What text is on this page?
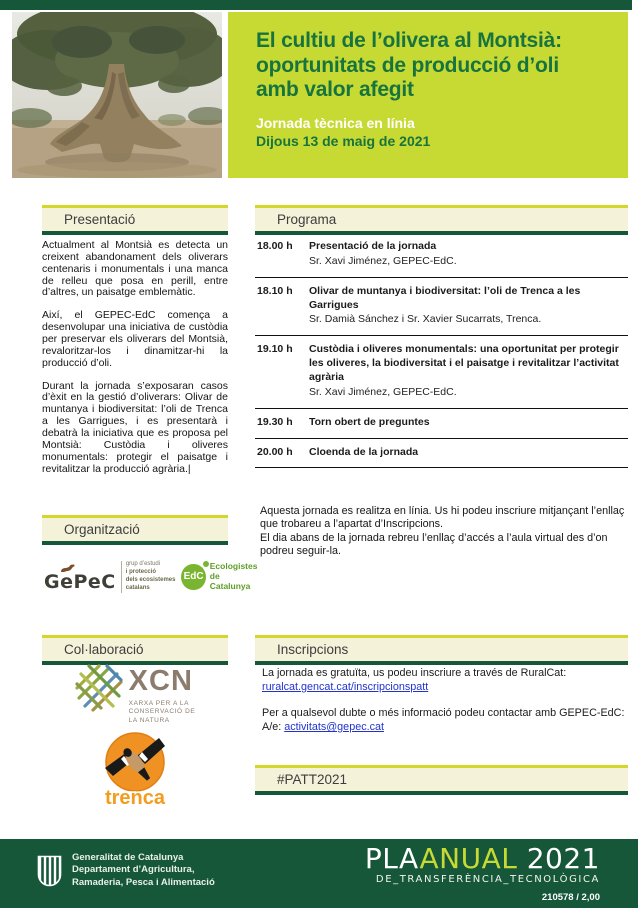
El cultiu de l’olivera al Montsià: oportunitats de producció d’oli amb valor afegit
Jornada tècnica en línia
Dijous 13 de maig de 2021
Presentació	Programa

Actualment al Montsià es detecta un creixent abandonament dels oliverars centenaris i monumentals i una manca de relleu que posa en perill, entre d’altres, un paisatge emblemàtic.

Així, el GEPEC-EdC comença a desenvolupar una iniciativa de custòdia per preservar els oliverars del Montsià, revaloritzar-los i dinamitzar-hi la producció d’oli.

Durant la jornada s’exposaran casos d’èxit en la gestió d’oliverars: Olivar de muntanya i biodiversitat: l’oli de Trenca a les Garrigues, i es presentarà i debatrà la iniciativa que es proposa pel Montsià: Custòdia i oliveres monumentals: protegir el paisatge i revitalitzar la producció agrària.|

18.00 h	Presentació de la jornada
Sr. Xavi Jiménez, GEPEC-EdC.
18.10 h	Olivar de muntanya i biodiversitat: l’oli de Trenca a les Garrigues
Sr. Damià Sánchez i Sr. Xavier Sucarrats, Trenca.
19.10 h	Custòdia i oliveres monumentals: una oportunitat per protegir les oliveres, la biodiversitat i el paisatge i revitalitzar l’activitat agrària
Sr. Xavi Jiménez, GEPEC-EdC.
19.30 h	Torn obert de preguntes
20.00 h	Cloenda de la jornada
Aquesta jornada es realitza en línia. Us hi podeu inscriure mitjançant l’enllaç que trobareu a l’apartat d’Inscripcions.
El dia abans de la jornada rebreu l’enllaç d’accés a l’aula virtual des d’on podreu seguir-la.
Organització
GePeC
grup d’estudi
i protecció
dels ecosistemes
catalans
EdC
Ecologistes
de Catalunya
Col·laboració
XCN
XARXA PER A LA
CONSERVACIÓ DE
LA NATURA
trenca
Inscripcions

La jornada es gratuïta, us podeu inscriure a través de RuralCat:
ruralcat.gencat.cat/inscripcionspatt

Per a qualsevol dubte o més informació podeu contactar amb GEPEC-EdC:
A/e: activitats@gepec.cat

#PATT2021
Generalitat de Catalunya
Departament d’Agricultura,
Ramaderia, Pesca i Alimentació
PLAANUAL 2021
DE_TRANSFERÈNCIA_TECNOLÒGICA
210578 / 2,00
